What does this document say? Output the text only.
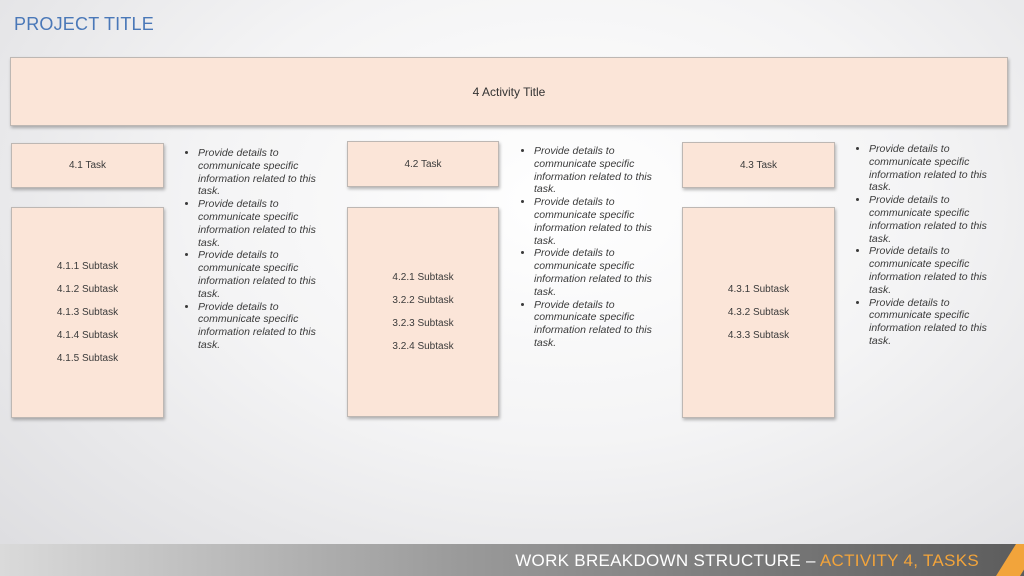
PROJECT TITLE
4 Activity Title
4.1 Task
4.1.1 Subtask
4.1.2 Subtask
4.1.3 Subtask
4.1.4 Subtask
4.1.5 Subtask
• Provide details to communicate specific information related to this task.
• Provide details to communicate specific information related to this task.
• Provide details to communicate specific information related to this task.
• Provide details to communicate specific information related to this task.
4.2 Task
4.2.1 Subtask
3.2.2 Subtask
3.2.3 Subtask
3.2.4 Subtask
• Provide details to communicate specific information related to this task.
• Provide details to communicate specific information related to this task.
• Provide details to communicate specific information related to this task.
• Provide details to communicate specific information related to this task.
4.3 Task
4.3.1 Subtask
4.3.2 Subtask
4.3.3 Subtask
• Provide details to communicate specific information related to this task.
• Provide details to communicate specific information related to this task.
• Provide details to communicate specific information related to this task.
• Provide details to communicate specific information related to this task.
WORK BREAKDOWN STRUCTURE – ACTIVITY 4, TASKS
